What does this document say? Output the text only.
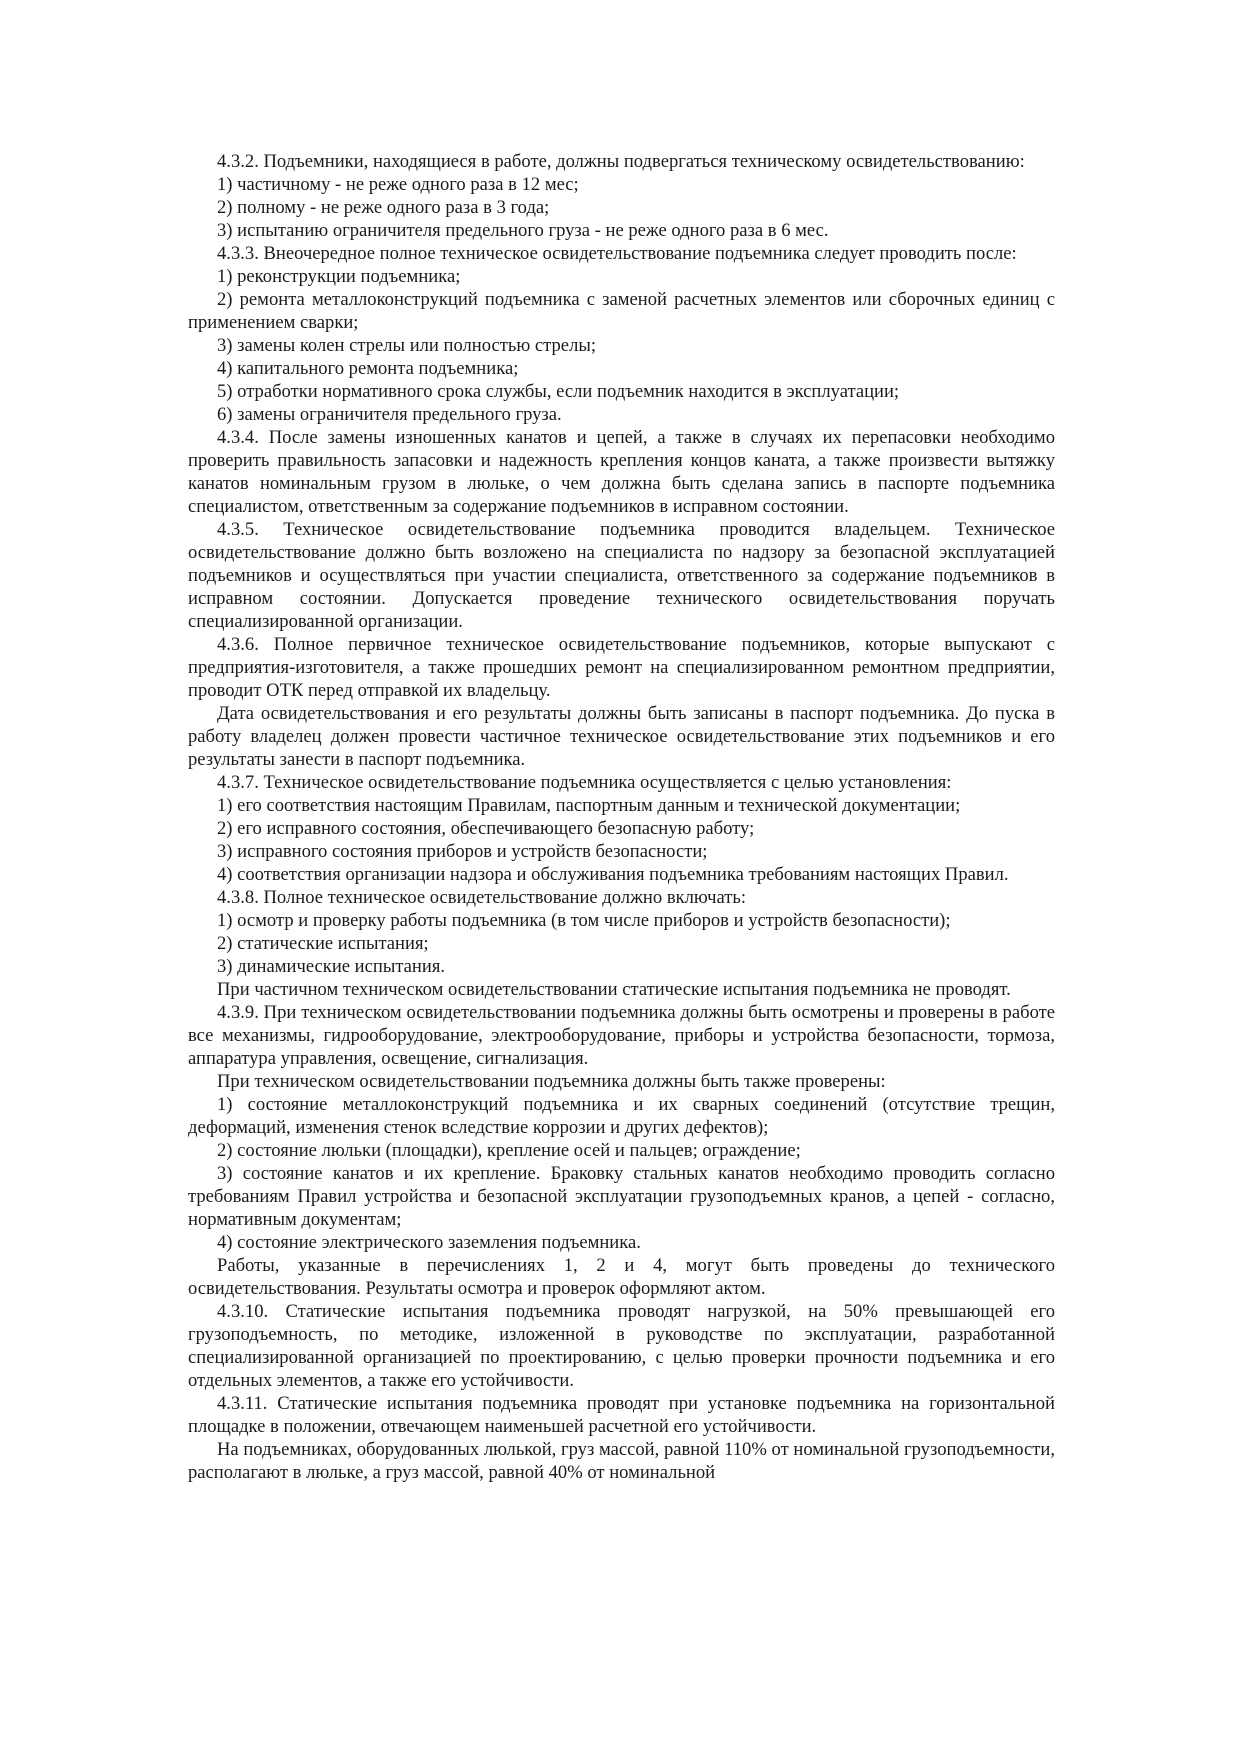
4.3.2. Подъемники, находящиеся в работе, должны подвергаться техническому освидетельствованию:

1) частичному - не реже одного раза в 12 мес;

2) полному - не реже одного раза в 3 года;

3) испытанию ограничителя предельного груза - не реже одного раза в 6 мес.

4.3.3. Внеочередное полное техническое освидетельствование подъемника следует проводить после:

1) реконструкции подъемника;

2) ремонта металлоконструкций подъемника с заменой расчетных элементов или сборочных единиц с применением сварки;

3) замены колен стрелы или полностью стрелы;

4) капитального ремонта подъемника;

5) отработки нормативного срока службы, если подъемник находится в эксплуатации;

6) замены ограничителя предельного груза.

4.3.4. После замены изношенных канатов и цепей, а также в случаях их перепасовки необходимо проверить правильность запасовки и надежность крепления концов каната, а также произвести вытяжку канатов номинальным грузом в люльке, о чем должна быть сделана запись в паспорте подъемника специалистом, ответственным за содержание подъемников в исправном состоянии.

4.3.5. Техническое освидетельствование подъемника проводится владельцем. Техническое освидетельствование должно быть возложено на специалиста по надзору за безопасной эксплуатацией подъемников и осуществляться при участии специалиста, ответственного за содержание подъемников в исправном состоянии. Допускается проведение технического освидетельствования поручать специализированной организации.

4.3.6. Полное первичное техническое освидетельствование подъемников, которые выпускают с предприятия-изготовителя, а также прошедших ремонт на специализированном ремонтном предприятии, проводит ОТК перед отправкой их владельцу.

Дата освидетельствования и его результаты должны быть записаны в паспорт подъемника. До пуска в работу владелец должен провести частичное техническое освидетельствование этих подъемников и его результаты занести в паспорт подъемника.

4.3.7. Техническое освидетельствование подъемника осуществляется с целью установления:

1) его соответствия настоящим Правилам, паспортным данным и технической документации;

2) его исправного состояния, обеспечивающего безопасную работу;

3) исправного состояния приборов и устройств безопасности;

4) соответствия организации надзора и обслуживания подъемника требованиям настоящих Правил.

4.3.8. Полное техническое освидетельствование должно включать:

1) осмотр и проверку работы подъемника (в том числе приборов и устройств безопасности);

2) статические испытания;

3) динамические испытания.

При частичном техническом освидетельствовании статические испытания подъемника не проводят.

4.3.9. При техническом освидетельствовании подъемника должны быть осмотрены и проверены в работе все механизмы, гидрооборудование, электрооборудование, приборы и устройства безопасности, тормоза, аппаратура управления, освещение, сигнализация.

При техническом освидетельствовании подъемника должны быть также проверены:

1) состояние металлоконструкций подъемника и их сварных соединений (отсутствие трещин, деформаций, изменения стенок вследствие коррозии и других дефектов);

2) состояние люльки (площадки), крепление осей и пальцев; ограждение;

3) состояние канатов и их крепление. Браковку стальных канатов необходимо проводить согласно требованиям Правил устройства и безопасной эксплуатации грузоподъемных кранов, а цепей - согласно, нормативным документам;

4) состояние электрического заземления подъемника.

Работы, указанные в перечислениях 1, 2 и 4, могут быть проведены до технического освидетельствования. Результаты осмотра и проверок оформляют актом.

4.3.10. Статические испытания подъемника проводят нагрузкой, на 50% превышающей его грузоподъемность, по методике, изложенной в руководстве по эксплуатации, разработанной специализированной организацией по проектированию, с целью проверки прочности подъемника и его отдельных элементов, а также его устойчивости.

4.3.11. Статические испытания подъемника проводят при установке подъемника на горизонтальной площадке в положении, отвечающем наименьшей расчетной его устойчивости.

На подъемниках, оборудованных люлькой, груз массой, равной 110% от номинальной грузоподъемности, располагают в люльке, а груз массой, равной 40% от номинальной
